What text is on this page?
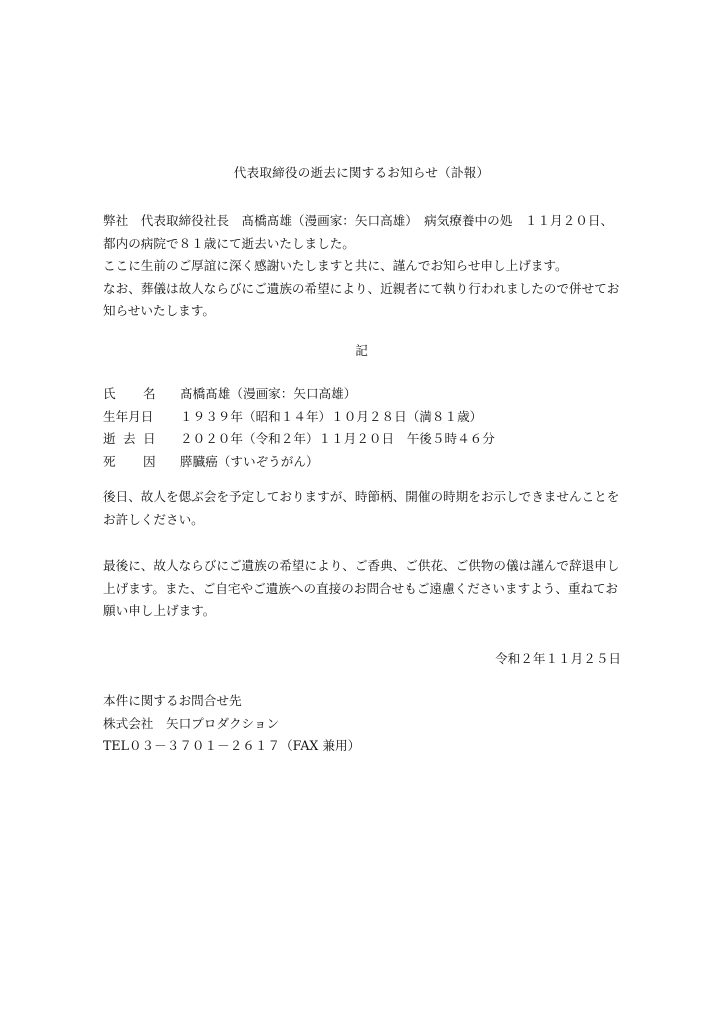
代表取締役の逝去に関するお知らせ（訃報）

弊社　代表取締役社長　髙橋髙雄（漫画家：矢口高雄）　病気療養中の処　１１月２０日、

都内の病院で８１歳にて逝去いたしました。

ここに生前のご厚誼に深く感謝いたしますと共に、謹んでお知らせ申し上げます。

なお、葬儀は故人ならびにご遺族の希望により、近親者にて執り行われましたので併せてお

知らせいたします。

記
氏 名 髙橋髙雄（漫画家：矢口高雄）
生年月日 １９３９年（昭和１４年）１０月２８日（満８１歳）
逝 去 日 ２０２０年（令和２年）１１月２０日　午後５時４６分
死 因 膵臓癌（すいぞうがん）

後日、故人を偲ぶ会を予定しておりますが、時節柄、開催の時期をお示しできませんことを

お許しください。

最後に、故人ならびにご遺族の希望により、ご香典、ご供花、ご供物の儀は謹んで辞退申し

上げます。また、ご自宅やご遺族への直接のお問合せもご遠慮くださいますよう、重ねてお

願い申し上げます。

令和２年１１月２５日

本件に関するお問合せ先

株式会社　矢口プロダクション

TEL０３－３７０１－２６１７（FAX 兼用）
